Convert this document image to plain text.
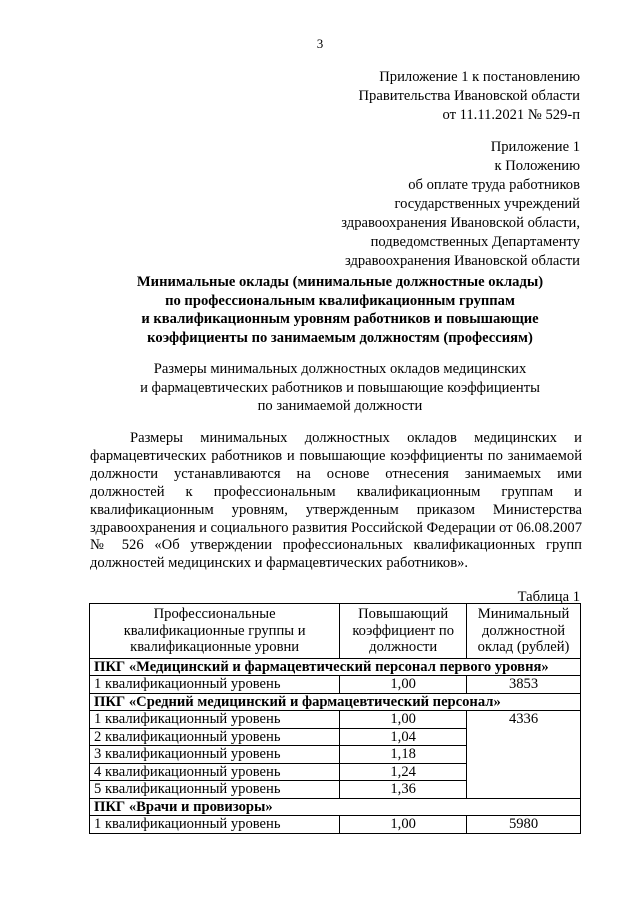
3
Приложение 1 к постановлению
Правительства Ивановской области
от 11.11.2021 № 529-п
Приложение 1
к Положению
об оплате труда работников
государственных учреждений
здравоохранения Ивановской области,
подведомственных Департаменту
здравоохранения Ивановской области
Минимальные оклады (минимальные должностные оклады)
по профессиональным квалификационным группам
и квалификационным уровням работников и повышающие
коэффициенты по занимаемым должностям (профессиям)
Размеры минимальных должностных окладов медицинских
и фармацевтических работников и повышающие коэффициенты
по занимаемой должности
Размеры минимальных должностных окладов медицинских и фармацевтических работников и повышающие коэффициенты по занимаемой должности устанавливаются на основе отнесения занимаемых ими должностей к профессиональным квалификационным группам и квалификационным уровням, утвержденным приказом Министерства здравоохранения и социального развития Российской Федерации от 06.08.2007 № 526 «Об утверждении профессиональных квалификационных групп должностей медицинских и фармацевтических работников».
Таблица 1
Профессиональные квалификационные группы и квалификационные уровни	Повышающий коэффициент по должности	Минимальный должностной оклад (рублей)
ПКГ «Медицинский и фармацевтический персонал первого уровня»		
1 квалификационный уровень	1,00	3853
ПКГ «Средний медицинский и фармацевтический персонал»		
1 квалификационный уровень	1,00	4336
2 квалификационный уровень	1,04	
3 квалификационный уровень	1,18	
4 квалификационный уровень	1,24	
5 квалификационный уровень	1,36	
ПКГ «Врачи и провизоры»		
1 квалификационный уровень	1,00	5980
